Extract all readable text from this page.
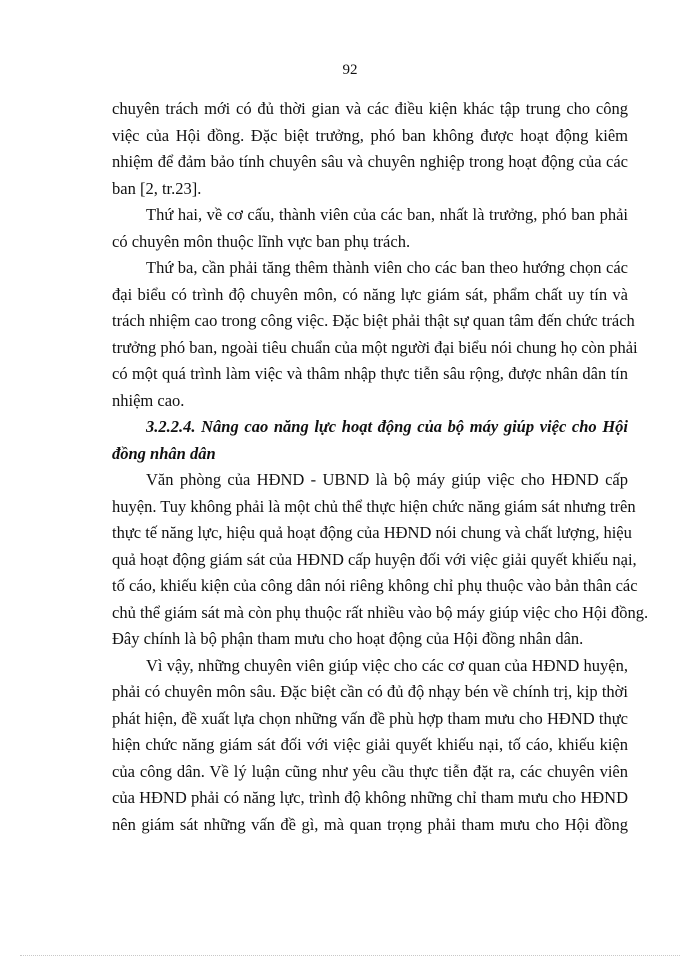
92
chuyên trách mới có đủ thời gian và các điều kiện khác tập trung cho công
việc của Hội đồng. Đặc biệt trưởng, phó ban không được hoạt động kiêm
nhiệm để đảm bảo tính chuyên sâu và chuyên nghiệp trong hoạt động của các
ban [2, tr.23].
Thứ hai, về cơ cấu, thành viên của các ban, nhất là trưởng, phó ban phải
có chuyên môn thuộc lĩnh vực ban phụ trách.
Thứ ba, cần phải tăng thêm thành viên cho các ban theo hướng chọn các
đại biểu có trình độ chuyên môn, có năng lực giám sát, phẩm chất uy tín và
trách nhiệm cao trong công việc. Đặc biệt phải thật sự quan tâm đến chức trách
trưởng phó ban, ngoài tiêu chuẩn của một người đại biểu nói chung họ còn phải
có một quá trình làm việc và thâm nhập thực tiễn sâu rộng, được nhân dân tín
nhiệm cao.
3.2.2.4. Nâng cao năng lực hoạt động của bộ máy giúp việc cho Hội
đồng nhân dân
Văn phòng của HĐND - UBND là bộ máy giúp việc cho HĐND cấp
huyện. Tuy không phải là một chủ thể thực hiện chức năng giám sát nhưng trên
thực tế năng lực, hiệu quả hoạt động của HĐND nói chung và chất lượng, hiệu
quả hoạt động giám sát của HĐND cấp huyện đối với việc giải quyết khiếu nại,
tố cáo, khiếu kiện của công dân nói riêng không chỉ phụ thuộc vào bản thân các
chủ thể giám sát mà còn phụ thuộc rất nhiều vào bộ máy giúp việc cho Hội đồng.
Đây chính là bộ phận tham mưu cho hoạt động của Hội đồng nhân dân.
Vì vậy, những chuyên viên giúp việc cho các cơ quan của HĐND huyện,
phải có chuyên môn sâu. Đặc biệt cần có đủ độ nhạy bén về chính trị, kịp thời
phát hiện, đề xuất lựa chọn những vấn đề phù hợp tham mưu cho HĐND thực
hiện chức năng giám sát đối với việc giải quyết khiếu nại, tố cáo, khiếu kiện
của công dân. Về lý luận cũng như yêu cầu thực tiễn đặt ra, các chuyên viên
của HĐND phải có năng lực, trình độ không những chỉ tham mưu cho HĐND
nên giám sát những vấn đề gì, mà quan trọng phải tham mưu cho Hội đồng
